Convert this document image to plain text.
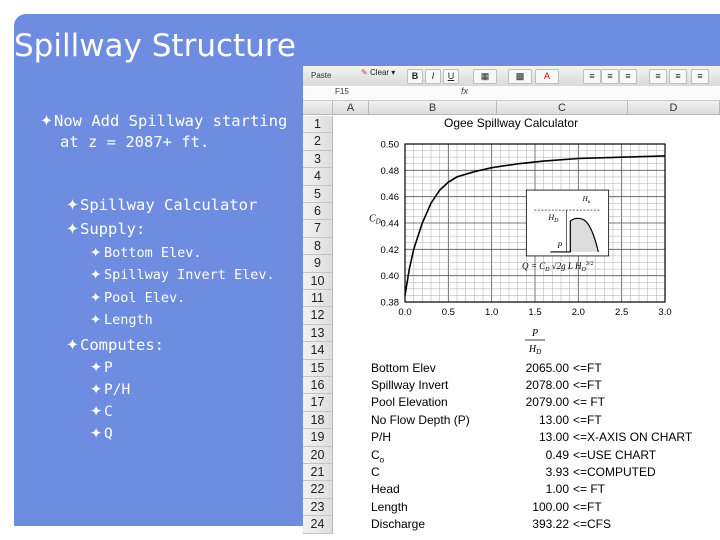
Spillway Structure
✦Now Add Spillway starting
at z = 2087+ ft.
✦Spillway Calculator
✦Supply:
✦ Bottom Elev.
✦ Spillway Invert Elev.
✦ Pool Elev.
✦ Length
✦Computes:
✦ P
✦ P/H
✦ C
✦ Q
Paste	✎ Clear ▾	B	I	U	▦	▩	A	≡	≡	≡	≡	≡	≡
F15	fx
A	B	C	D
1
2
3
4
5
6
7
8
9
10
11
12
13
14
15
16
17
18
19
20
21
22
23
24
Ogee Spillway Calculator
0.38
0.40
0.42
0.44
0.46
0.48
0.50
0.0	0.5	1.0	1.5	2.0	2.5	3.0
$C_D$
P
$H_D$
$H_D$
P
$H_u$
$Q = C_D$ √2g L $H_D^{3/2}$
Bottom Elev	2065.00 <=FT
Spillway Invert	2078.00 <=FT
Pool Elevation	2079.00 <= FT
No Flow Depth (P)	13.00 <=FT
P/H	13.00 <=X-AXIS ON CHART
$C_o$	0.49 <=USE CHART
C	3.93 <=COMPUTED
Head	1.00 <= FT
Length	100.00 <=FT
Discharge	393.22 <=CFS
